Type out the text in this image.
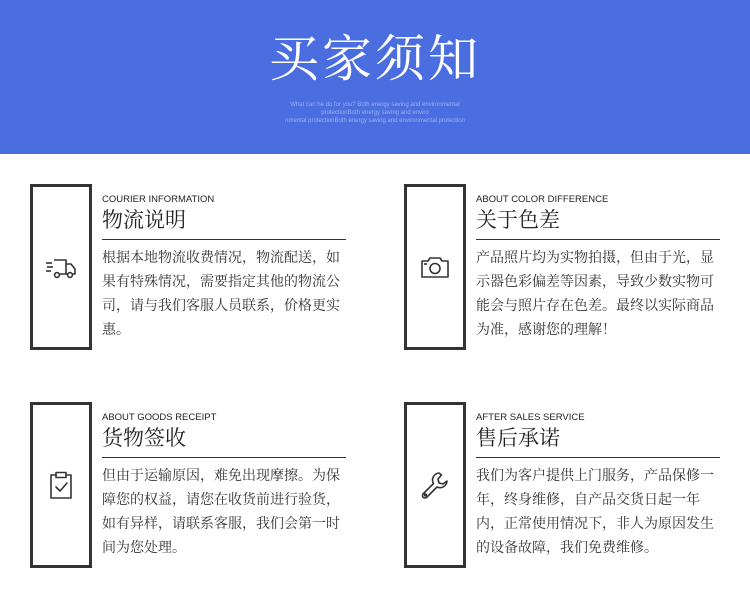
买家须知
What can he do for you? Both energy saving and environmental
protectionBoth energy saving and enviro
nmental protectionBoth energy saving and environmental protection
COURIER INFORMATION
物流说明
根据本地物流收费情况，物流配送，如果有特殊情况，需要指定其他的物流公司，请与我们客服人员联系，价格更实惠。
ABOUT COLOR DIFFERENCE
关于色差
产品照片均为实物拍摄，但由于光，显示器色彩偏差等因素，导致少数实物可能会与照片存在色差。最终以实际商品为准，感谢您的理解！
ABOUT GOODS RECEIPT
货物签收
但由于运输原因，难免出现摩擦。为保障您的权益，请您在收货前进行验货，如有异样，请联系客服，我们会第一时间为您处理。
AFTER SALES SERVICE
售后承诺
我们为客户提供上门服务，产品保修一年，终身维修，自产品交货日起一年内，正常使用情况下，非人为原因发生的设备故障，我们免费维修。
